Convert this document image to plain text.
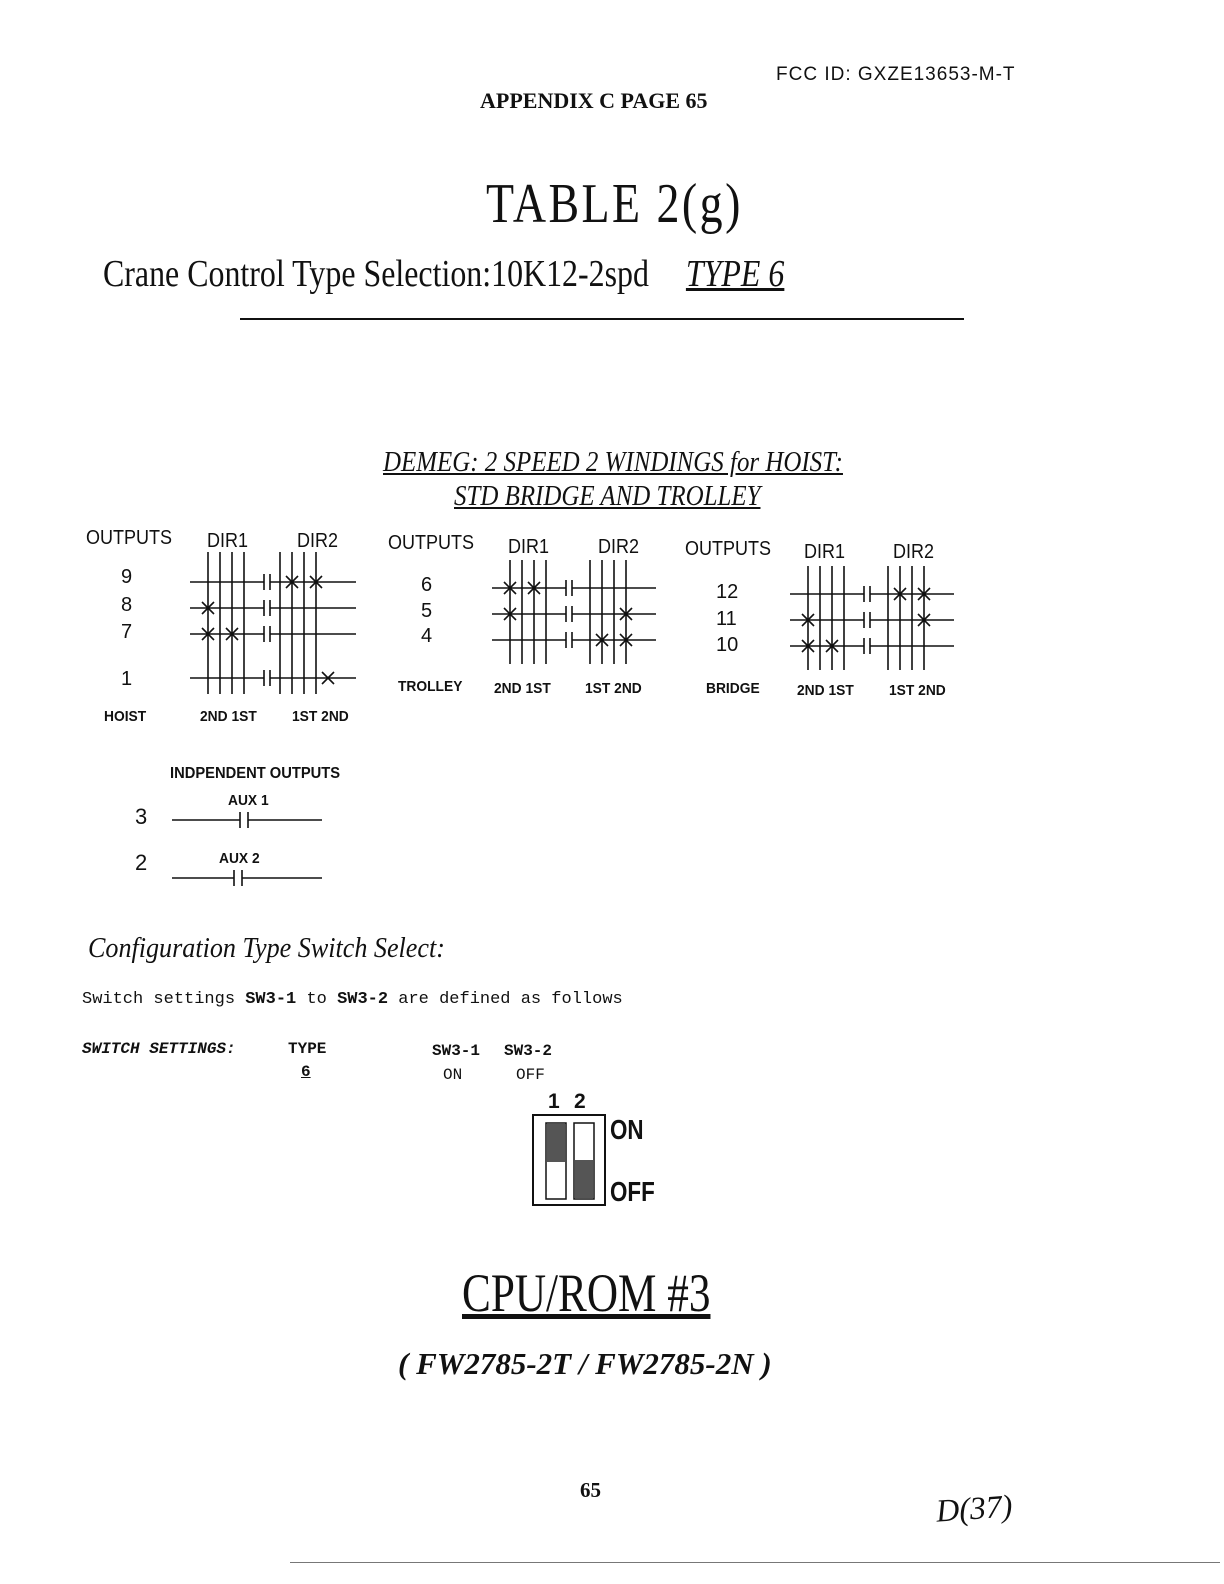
FCC ID: GXZE13653-M-T
APPENDIX C PAGE 65
TABLE 2(g)
Crane Control Type Selection:10K12-2spd TYPE 6
DEMEG: 2 SPEED 2 WINDINGS for HOIST:
STD BRIDGE AND TROLLEY
OUTPUTS DIR1 DIR2
9
8
7
1
HOIST	2ND 1ST 1ST 2ND
OUTPUTS DIR1 DIR2
6
5
4
TROLLEY 2ND 1ST 1ST 2ND
OUTPUTS DIR1 DIR2
12
11
10
BRIDGE 2ND 1ST 1ST 2ND
INDPENDENT OUTPUTS
3
AUX 1
2	AUX 2
Configuration Type Switch Select:
Switch settings SW3-1 to SW3-2 are defined as follows
SWITCH SETTINGS:	TYPE
6
SW3-1 SW3-2
ON	OFF
1 2
ON
OFF
CPU/ROM #3
( FW2785-2T / FW2785-2N )
65	D(37)
